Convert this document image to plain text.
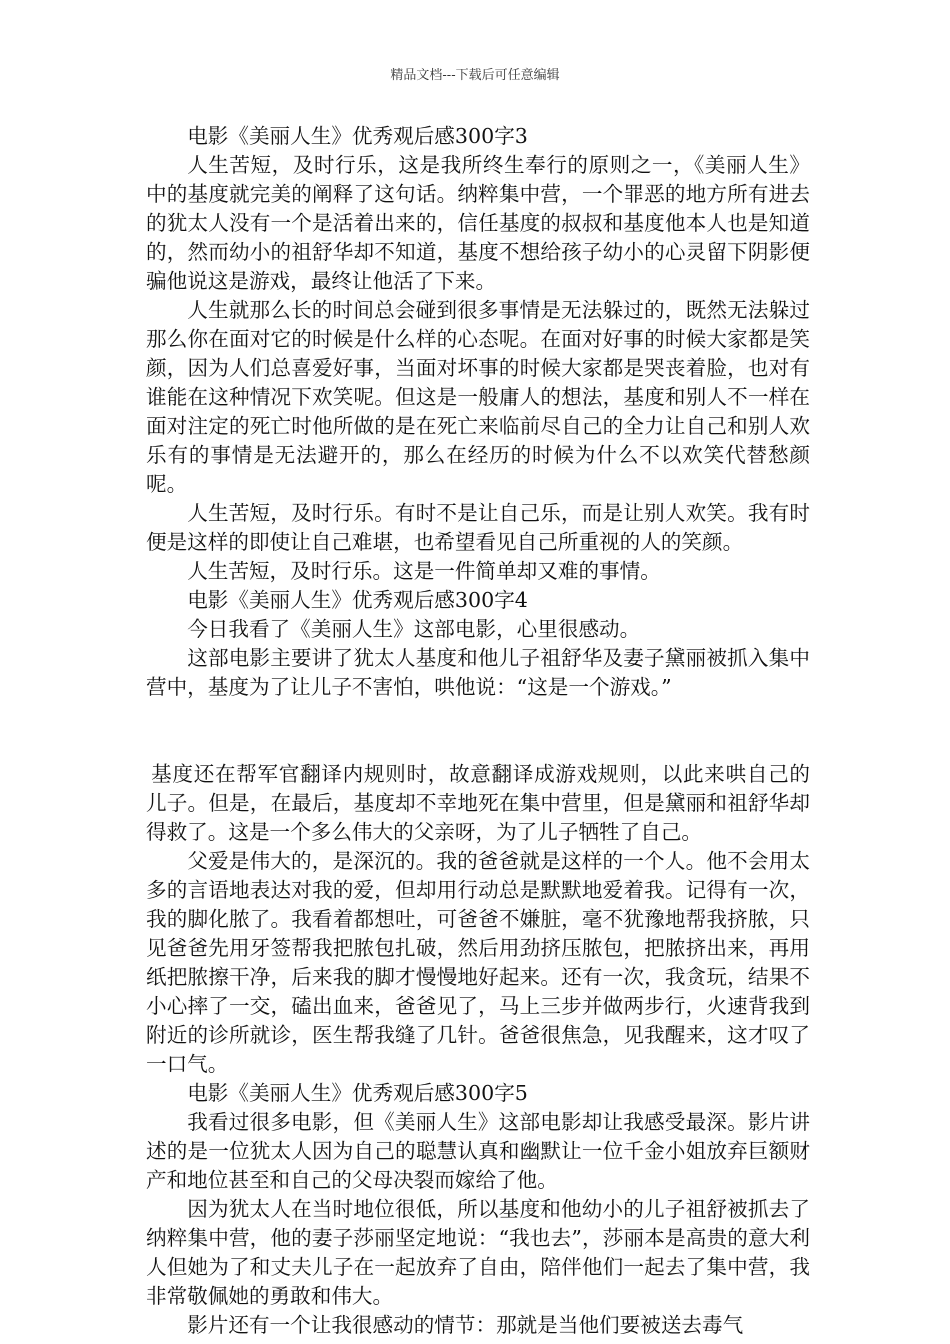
精品文档---下载后可任意编辑

电影《美丽人生》优秀观后感300字3

人生苦短，及时行乐，这是我所终生奉行的原则之一，《美丽人生》中的基度就完美的阐释了这句话。纳粹集中营，一个罪恶的地方所有进去的犹太人没有一个是活着出来的，信任基度的叔叔和基度他本人也是知道的，然而幼小的祖舒华却不知道，基度不想给孩子幼小的心灵留下阴影便骗他说这是游戏，最终让他活了下来。

人生就那么长的时间总会碰到很多事情是无法躲过的，既然无法躲过那么你在面对它的时候是什么样的心态呢。在面对好事的时候大家都是笑颜，因为人们总喜爱好事，当面对坏事的时候大家都是哭丧着脸，也对有谁能在这种情况下欢笑呢。但这是一般庸人的想法，基度和别人不一样在面对注定的死亡时他所做的是在死亡来临前尽自己的全力让自己和别人欢乐有的事情是无法避开的，那么在经历的时候为什么不以欢笑代替愁颜呢。

人生苦短，及时行乐。有时不是让自己乐，而是让别人欢笑。我有时便是这样的即使让自己难堪，也希望看见自己所重视的人的笑颜。

人生苦短，及时行乐。这是一件简单却又难的事情。

电影《美丽人生》优秀观后感300字4

今日我看了《美丽人生》这部电影，心里很感动。

这部电影主要讲了犹太人基度和他儿子祖舒华及妻子黛丽被抓入集中营中，基度为了让儿子不害怕，哄他说：“这是一个游戏。”

基度还在帮军官翻译内规则时，故意翻译成游戏规则，以此来哄自己的儿子。但是，在最后，基度却不幸地死在集中营里，但是黛丽和祖舒华却得救了。这是一个多么伟大的父亲呀，为了儿子牺牲了自己。

父爱是伟大的，是深沉的。我的爸爸就是这样的一个人。他不会用太多的言语地表达对我的爱，但却用行动总是默默地爱着我。记得有一次，我的脚化脓了。我看着都想吐，可爸爸不嫌脏，毫不犹豫地帮我挤脓，只见爸爸先用牙签帮我把脓包扎破，然后用劲挤压脓包，把脓挤出来，再用纸把脓擦干净，后来我的脚才慢慢地好起来。还有一次，我贪玩，结果不小心摔了一交，磕出血来，爸爸见了，马上三步并做两步行，火速背我到附近的诊所就诊，医生帮我缝了几针。爸爸很焦急，见我醒来，这才叹了一口气。

电影《美丽人生》优秀观后感300字5

我看过很多电影，但《美丽人生》这部电影却让我感受最深。影片讲述的是一位犹太人因为自己的聪慧认真和幽默让一位千金小姐放弃巨额财产和地位甚至和自己的父母决裂而嫁给了他。

因为犹太人在当时地位很低，所以基度和他幼小的儿子祖舒被抓去了纳粹集中营，他的妻子莎丽坚定地说：“我也去”，莎丽本是高贵的意大利人但她为了和丈夫儿子在一起放弃了自由，陪伴他们一起去了集中营，我非常敬佩她的勇敢和伟大。

影片还有一个让我很感动的情节：那就是当他们要被送去毒气
